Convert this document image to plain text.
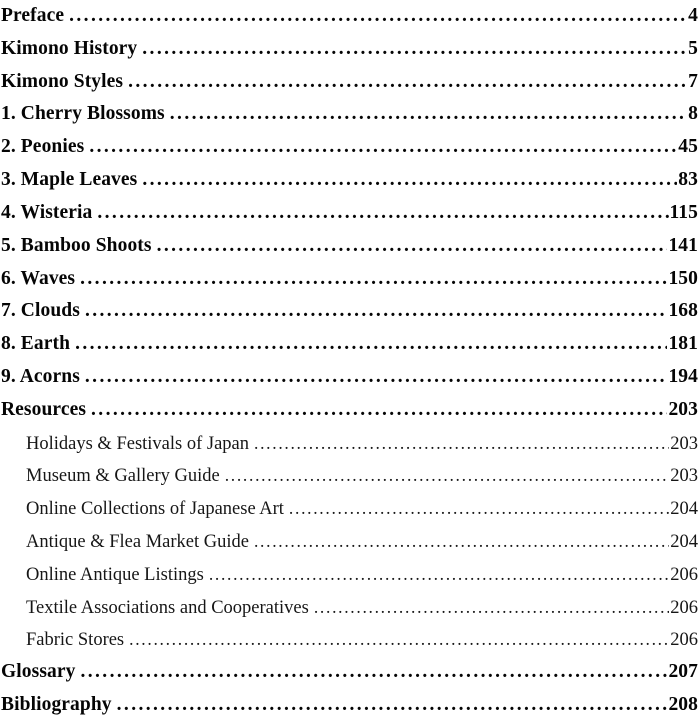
Preface .....	4
Kimono History .....	5
Kimono Styles .....	7
1. Cherry Blossoms .....	8
2. Peonies .....	45
3. Maple Leaves .....	83
4. Wisteria .....	115
5. Bamboo Shoots .....	141
6. Waves .....	150
7. Clouds .....	168
8. Earth .....	181
9. Acorns .....	194
Resources .....	203
Holidays & Festivals of Japan .....	203
Museum & Gallery Guide .....	203
Online Collections of Japanese Art .....	204
Antique & Flea Market Guide .....	204
Online Antique Listings .....	206
Textile Associations and Cooperatives .....	206
Fabric Stores .....	206
Glossary .....	207
Bibliography .....	208
